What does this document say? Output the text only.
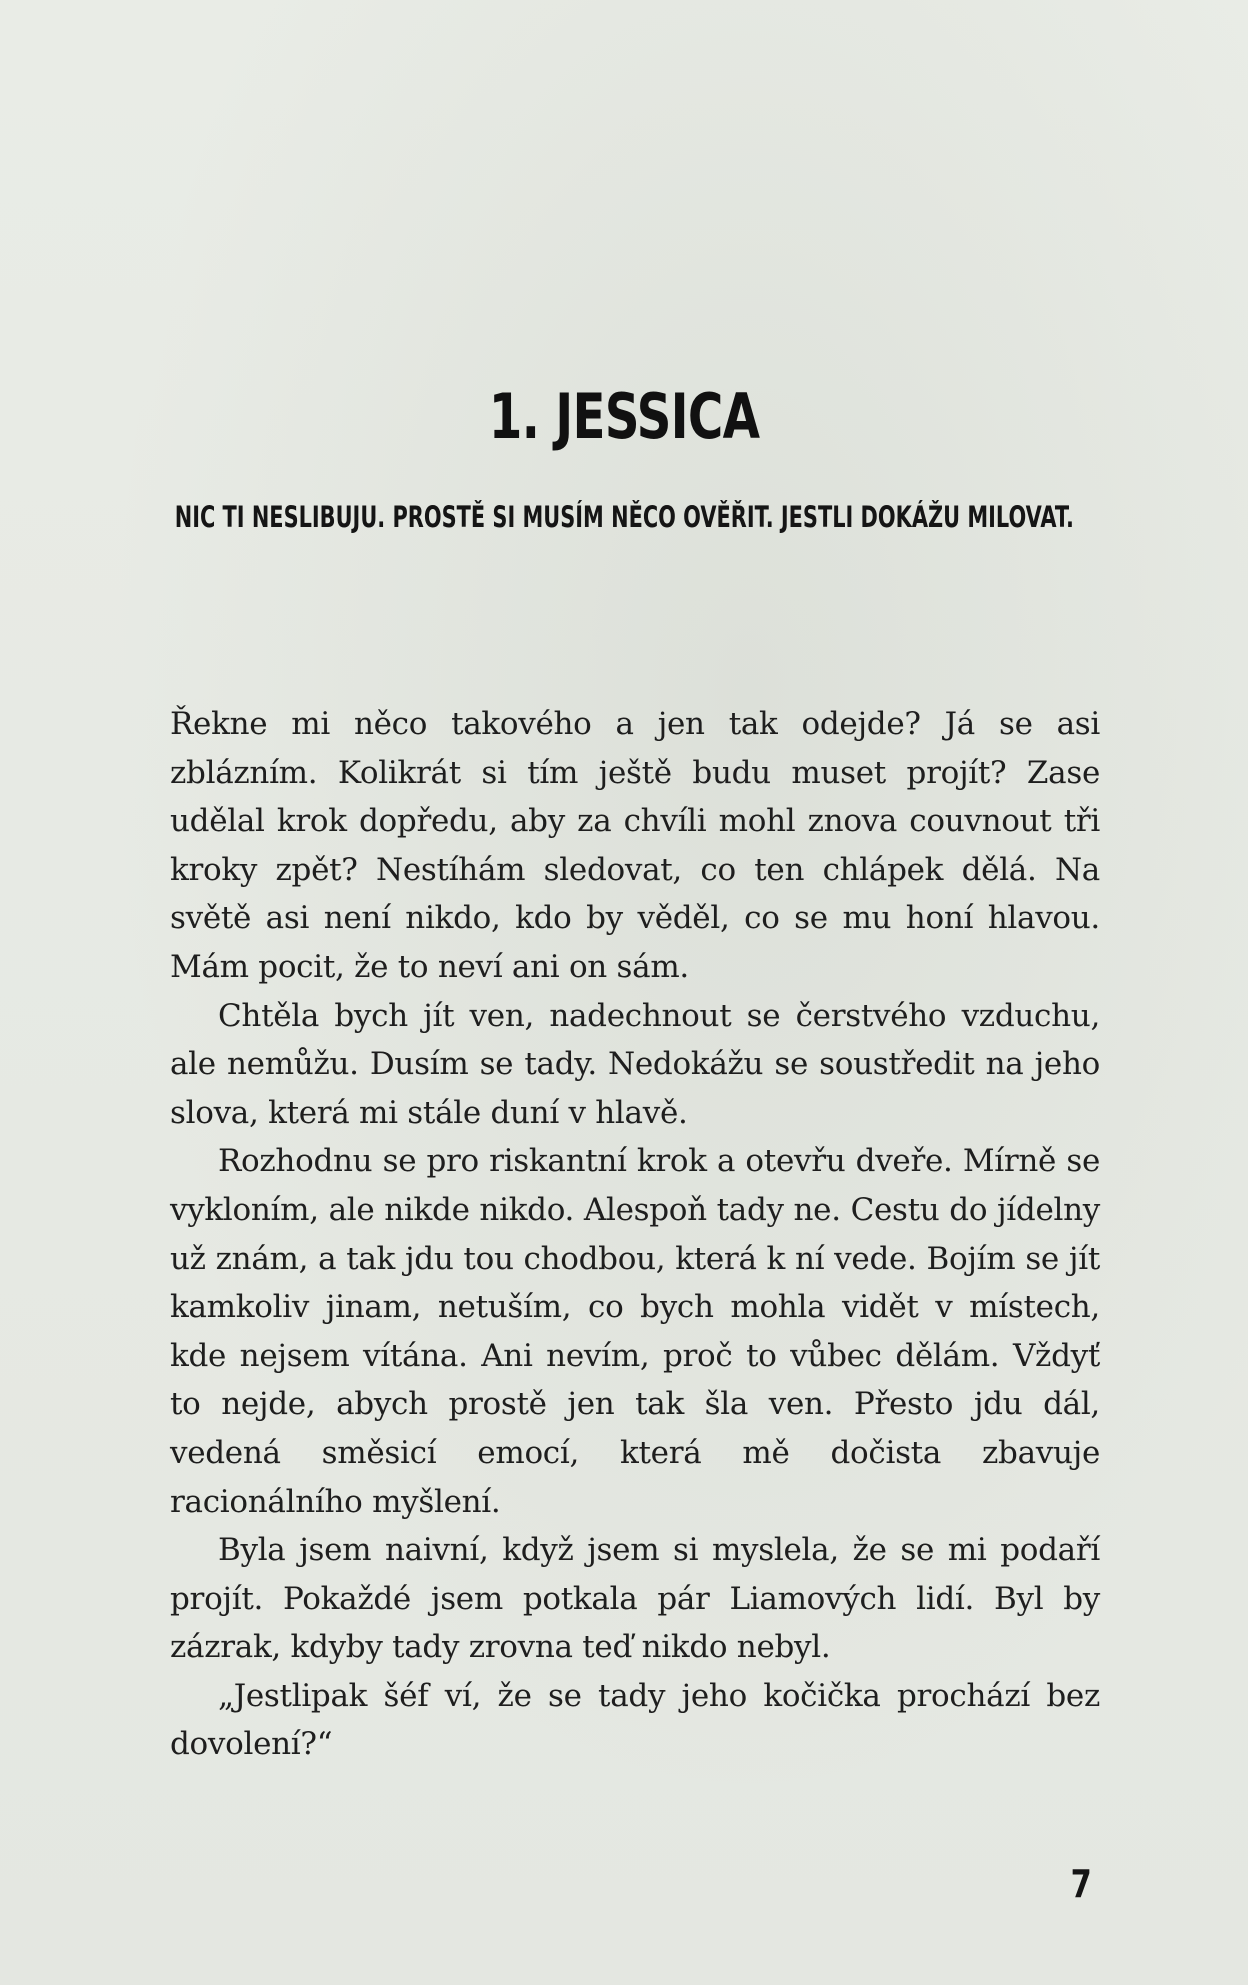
1. JESSICA
NIC TI NESLIBUJU. PROSTĚ SI MUSÍM NĚCO OVĚŘIT. JESTLI DOKÁŽU MILOVAT.

Řekne mi něco takového a jen tak odejde? Já se asi zblázním. Kolikrát si tím ještě budu muset projít? Zase udělal krok dopředu, aby za chvíli mohl znova couvnout tři kroky zpět? Nestíhám sledovat, co ten chlápek dělá. Na světě asi není nikdo, kdo by věděl, co se mu honí hlavou. Mám pocit, že to neví ani on sám.

Chtěla bych jít ven, nadechnout se čerstvého vzduchu, ale nemůžu. Dusím se tady. Nedokážu se soustředit na jeho slova, která mi stále duní v hlavě.

Rozhodnu se pro riskantní krok a otevřu dveře. Mírně se vykloním, ale nikde nikdo. Alespoň tady ne. Cestu do jídelny už znám, a tak jdu tou chodbou, která k ní vede. Bojím se jít kamkoliv jinam, netuším, co bych mohla vidět v místech, kde nejsem vítána. Ani nevím, proč to vůbec dělám. Vždyť to nejde, abych prostě jen tak šla ven. Přesto jdu dál, vedená směsicí emocí, která mě dočista zbavuje racionálního myšlení.

Byla jsem naivní, když jsem si myslela, že se mi podaří projít. Pokaždé jsem potkala pár Liamových lidí. Byl by zázrak, kdyby tady zrovna teď nikdo nebyl.

„Jestlipak šéf ví, že se tady jeho kočička prochází bez dovolení?“

7
